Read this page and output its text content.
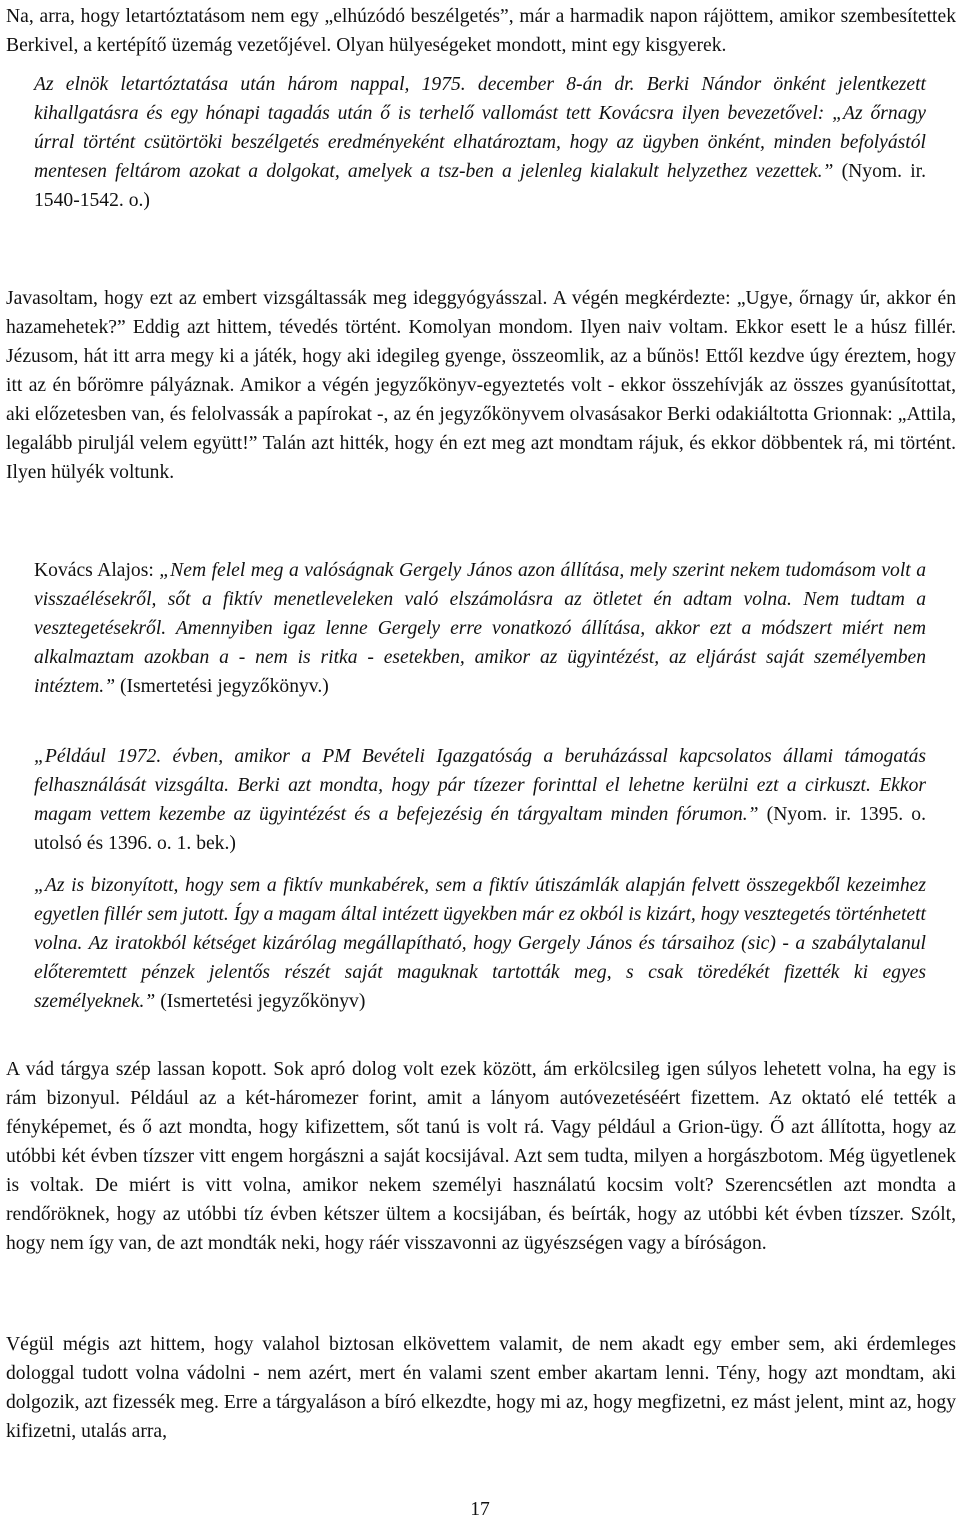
Na, arra, hogy letartóztatásom nem egy „elhúzódó beszélgetés”, már a harmadik napon rájöttem, amikor szembesítettek Berkivel, a kertépítő üzemág vezetőjével. Olyan hülyeségeket mondott, mint egy kisgyerek.

Az elnök letartóztatása után három nappal, 1975. december 8-án dr. Berki Nándor önként jelentkezett kihallgatásra és egy hónapi tagadás után ő is terhelő vallomást tett Kovácsra ilyen bevezetővel: „Az őrnagy úrral történt csütörtöki beszélgetés eredményeként elhatároztam, hogy az ügyben önként, minden befolyástól mentesen feltárom azokat a dolgokat, amelyek a tsz-ben a jelenleg kialakult helyzethez vezettek.” (Nyom. ir. 1540-1542. o.)

Javasoltam, hogy ezt az embert vizsgáltassák meg ideggyógyásszal. A végén megkérdezte: „Ugye, őrnagy úr, akkor én hazamehetek?” Eddig azt hittem, tévedés történt. Komolyan mondom. Ilyen naiv voltam. Ekkor esett le a húsz fillér. Jézusom, hát itt arra megy ki a játék, hogy aki idegileg gyenge, összeomlik, az a bűnös! Ettől kezdve úgy éreztem, hogy itt az én bőrömre pályáznak. Amikor a végén jegyzőkönyv-egyeztetés volt - ekkor összehívják az összes gyanúsítottat, aki előzetesben van, és felolvassák a papírokat -, az én jegyzőkönyvem olvasásakor Berki odakiáltotta Grionnak: „Attila, legalább piruljál velem együtt!” Talán azt hitték, hogy én ezt meg azt mondtam rájuk, és ekkor döbbentek rá, mi történt. Ilyen hülyék voltunk.

Kovács Alajos: „Nem felel meg a valóságnak Gergely János azon állítása, mely szerint nekem tudomásom volt a visszaélésekről, sőt a fiktív menetleveleken való elszámolásra az ötletet én adtam volna. Nem tudtam a vesztegetésekről. Amennyiben igaz lenne Gergely erre vonatkozó állítása, akkor ezt a módszert miért nem alkalmaztam azokban a - nem is ritka - esetekben, amikor az ügyintézést, az eljárást saját személyemben intéztem.” (Ismertetési jegyzőkönyv.)

„Például 1972. évben, amikor a PM Bevételi Igazgatóság a beruházással kapcsolatos állami támogatás felhasználását vizsgálta. Berki azt mondta, hogy pár tízezer forinttal el lehetne kerülni ezt a cirkuszt. Ekkor magam vettem kezembe az ügyintézést és a befejezésig én tárgyaltam minden fórumon.” (Nyom. ir. 1395. o. utolsó és 1396. o. 1. bek.)

„Az is bizonyított, hogy sem a fiktív munkabérek, sem a fiktív útiszámlák alapján felvett összegekből kezeimhez egyetlen fillér sem jutott. Így a magam által intézett ügyekben már ez okból is kizárt, hogy vesztegetés történhetett volna. Az iratokból kétséget kizárólag megállapítható, hogy Gergely János és társaihoz (sic) - a szabálytalanul előteremtett pénzek jelentős részét saját maguknak tartották meg, s csak töredékét fizették ki egyes személyeknek.” (Ismertetési jegyzőkönyv)

A vád tárgya szép lassan kopott. Sok apró dolog volt ezek között, ám erkölcsileg igen súlyos lehetett volna, ha egy is rám bizonyul. Például az a két-háromezer forint, amit a lányom autóvezetéséért fizettem. Az oktató elé tették a fényképemet, és ő azt mondta, hogy kifizettem, sőt tanú is volt rá. Vagy például a Grion-ügy. Ő azt állította, hogy az utóbbi két évben tízszer vitt engem horgászni a saját kocsijával. Azt sem tudta, milyen a horgászbotom. Még ügyetlenek is voltak. De miért is vitt volna, amikor nekem személyi használatú kocsim volt? Szerencsétlen azt mondta a rendőröknek, hogy az utóbbi tíz évben kétszer ültem a kocsijában, és beírták, hogy az utóbbi két évben tízszer. Szólt, hogy nem így van, de azt mondták neki, hogy ráér visszavonni az ügyészségen vagy a bíróságon.

Végül mégis azt hittem, hogy valahol biztosan elkövettem valamit, de nem akadt egy ember sem, aki érdemleges dologgal tudott volna vádolni - nem azért, mert én valami szent ember akartam lenni. Tény, hogy azt mondtam, aki dolgozik, azt fizessék meg. Erre a tárgyaláson a bíró elkezdte, hogy mi az, hogy megfizetni, ez mást jelent, mint az, hogy kifizetni, utalás arra,

17
